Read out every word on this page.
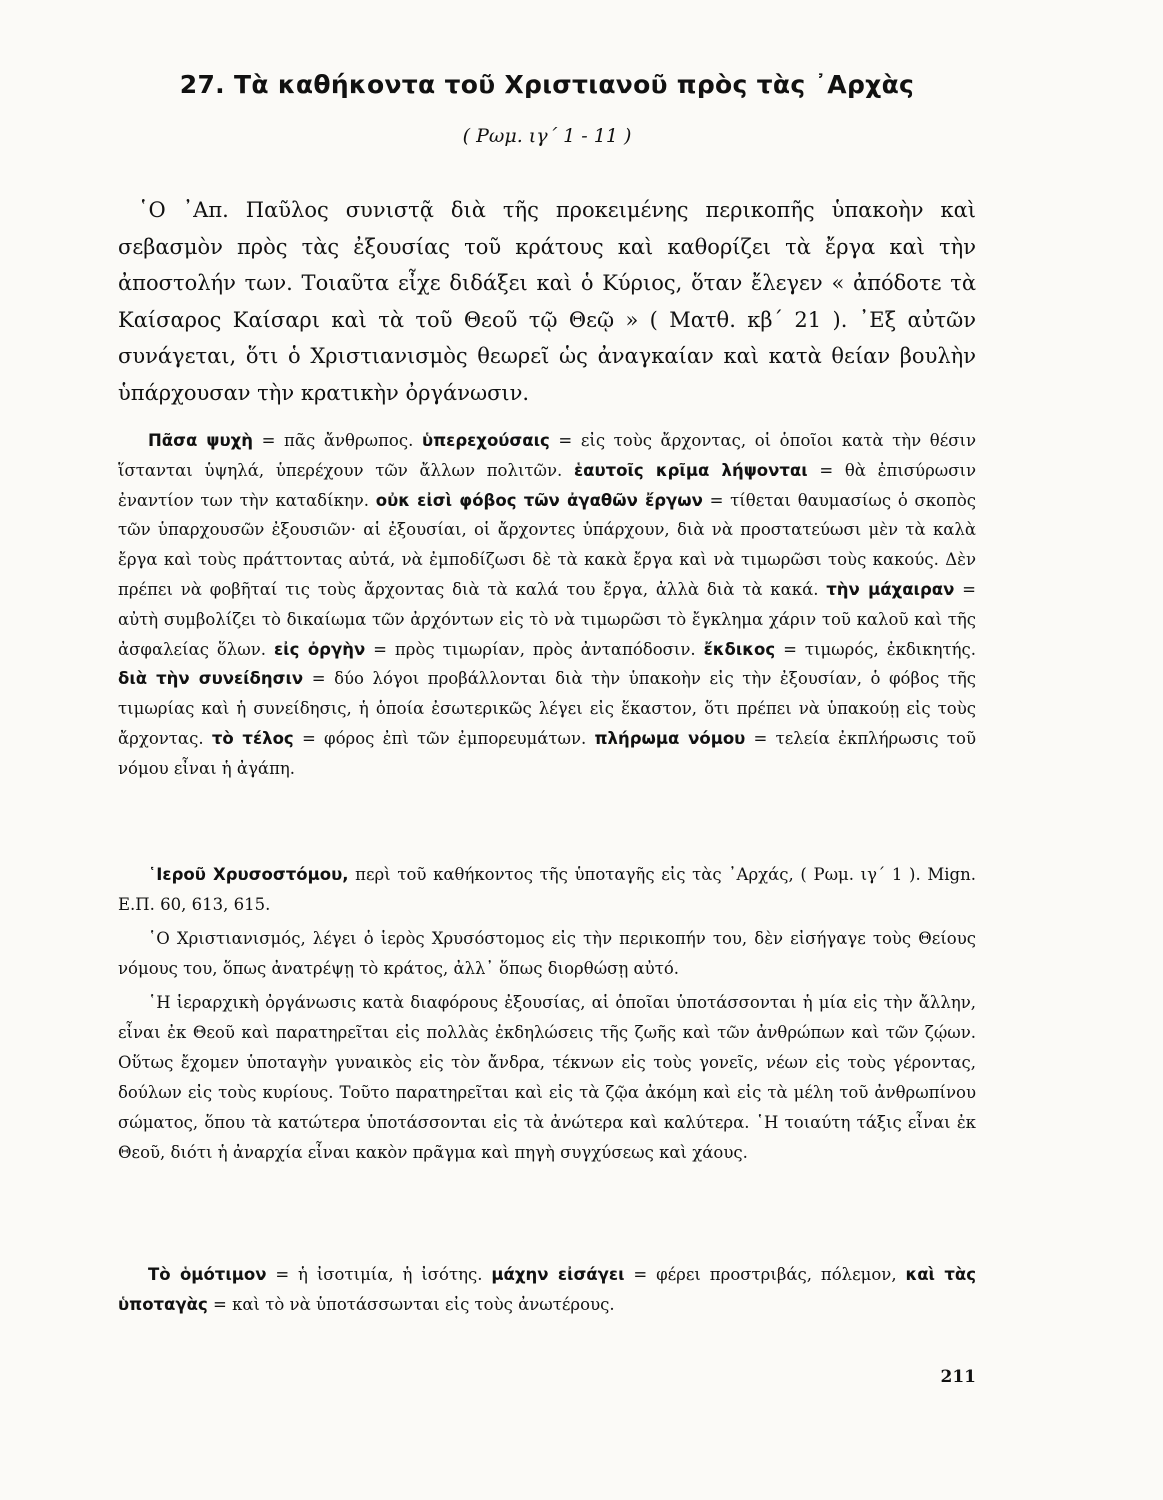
27. Τὰ καθήκοντα τοῦ Χριστιανοῦ πρὸς τὰς ᾿Αρχὰς
( Ρωμ. ιγ΄ 1 - 11 )

῾Ο ᾿Απ. Παῦλος συνιστᾷ διὰ τῆς προκειμένης περικοπῆς ὑπακοὴν καὶ σεβασμὸν πρὸς τὰς ἐξουσίας τοῦ κράτους καὶ καθορίζει τὰ ἔργα καὶ τὴν ἀποστολήν των. Τοιαῦτα εἶχε διδάξει καὶ ὁ Κύριος, ὅταν ἔλεγεν « ἀπόδοτε τὰ Καίσαρος Καίσαρι καὶ τὰ τοῦ Θεοῦ τῷ Θεῷ » ( Ματθ. κβ΄ 21 ). ᾿Εξ αὐτῶν συνάγεται, ὅτι ὁ Χριστιανισμὸς θεωρεῖ ὡς ἀναγκαίαν καὶ κατὰ θείαν βουλὴν ὑπάρχουσαν τὴν κρατικὴν ὀργάνωσιν.

Πᾶσα ψυχὴ = πᾶς ἄνθρωπος. ὑπερεχούσαις = εἰς τοὺς ἄρχοντας, οἱ ὁποῖοι κατὰ τὴν θέσιν ἵστανται ὑψηλά, ὑπερέχουν τῶν ἄλλων πολιτῶν. ἑαυτοῖς κρῖμα λήψονται = θὰ ἐπισύρωσιν ἐναντίον των τὴν καταδίκην. οὐκ εἰσὶ φόβος τῶν ἀγαθῶν ἔργων = τίθεται θαυμασίως ὁ σκοπὸς τῶν ὑπαρχουσῶν ἐξουσιῶν· αἱ ἐξουσίαι, οἱ ἄρχοντες ὑπάρχουν, διὰ νὰ προστατεύωσι μὲν τὰ καλὰ ἔργα καὶ τοὺς πράττοντας αὐτά, νὰ ἐμποδίζωσι δὲ τὰ κακὰ ἔργα καὶ νὰ τιμωρῶσι τοὺς κακούς. Δὲν πρέπει νὰ φοβῆταί τις τοὺς ἄρχοντας διὰ τὰ καλά του ἔργα, ἀλλὰ διὰ τὰ κακά. τὴν μάχαιραν = αὐτὴ συμβολίζει τὸ δικαίωμα τῶν ἀρχόντων εἰς τὸ νὰ τιμωρῶσι τὸ ἔγκλημα χάριν τοῦ καλοῦ καὶ τῆς ἀσφαλείας ὅλων. εἰς ὀργὴν = πρὸς τιμωρίαν, πρὸς ἀνταπόδοσιν. ἔκδικος = τιμωρός, ἐκδικητής. διὰ τὴν συνείδησιν = δύο λόγοι προβάλλονται διὰ τὴν ὑπακοὴν εἰς τὴν ἐξουσίαν, ὁ φόβος τῆς τιμωρίας καὶ ἡ συνείδησις, ἡ ὁποία ἐσωτερικῶς λέγει εἰς ἕκαστον, ὅτι πρέπει νὰ ὑπακούῃ εἰς τοὺς ἄρχοντας. τὸ τέλος = φόρος ἐπὶ τῶν ἐμπορευμάτων. πλήρωμα νόμου = τελεία ἐκπλήρωσις τοῦ νόμου εἶναι ἡ ἀγάπη.

῾Ιεροῦ Χρυσοστόμου, περὶ τοῦ καθήκοντος τῆς ὑποταγῆς εἰς τὰς ᾿Αρχάς, ( Ρωμ. ιγ΄ 1 ). Mign. Ε.Π. 60, 613, 615.

῾Ο Χριστιανισμός, λέγει ὁ ἱερὸς Χρυσόστομος εἰς τὴν περικοπήν του, δὲν εἰσήγαγε τοὺς Θείους νόμους του, ὅπως ἀνατρέψῃ τὸ κράτος, ἀλλ᾿ ὅπως διορθώσῃ αὐτό.

῾Η ἱεραρχικὴ ὀργάνωσις κατὰ διαφόρους ἐξουσίας, αἱ ὁποῖαι ὑποτάσσονται ἡ μία εἰς τὴν ἄλλην, εἶναι ἐκ Θεοῦ καὶ παρατηρεῖται εἰς πολλὰς ἐκδηλώσεις τῆς ζωῆς καὶ τῶν ἀνθρώπων καὶ τῶν ζῴων. Οὕτως ἔχομεν ὑποταγὴν γυναικὸς εἰς τὸν ἄνδρα, τέκνων εἰς τοὺς γονεῖς, νέων εἰς τοὺς γέροντας, δούλων εἰς τοὺς κυρίους. Τοῦτο παρατηρεῖται καὶ εἰς τὰ ζῷα ἀκόμη καὶ εἰς τὰ μέλη τοῦ ἀνθρωπίνου σώματος, ὅπου τὰ κατώτερα ὑποτάσσονται εἰς τὰ ἀνώτερα καὶ καλύτερα. ῾Η τοιαύτη τάξις εἶναι ἐκ Θεοῦ, διότι ἡ ἀναρχία εἶναι κακὸν πρᾶγμα καὶ πηγὴ συγχύσεως καὶ χάους.

Τὸ ὁμότιμον = ἡ ἰσοτιμία, ἡ ἰσότης. μάχην εἰσάγει = φέρει προστριβάς, πόλεμον, καὶ τὰς ὑποταγὰς = καὶ τὸ νὰ ὑποτάσσωνται εἰς τοὺς ἀνωτέρους.

211
